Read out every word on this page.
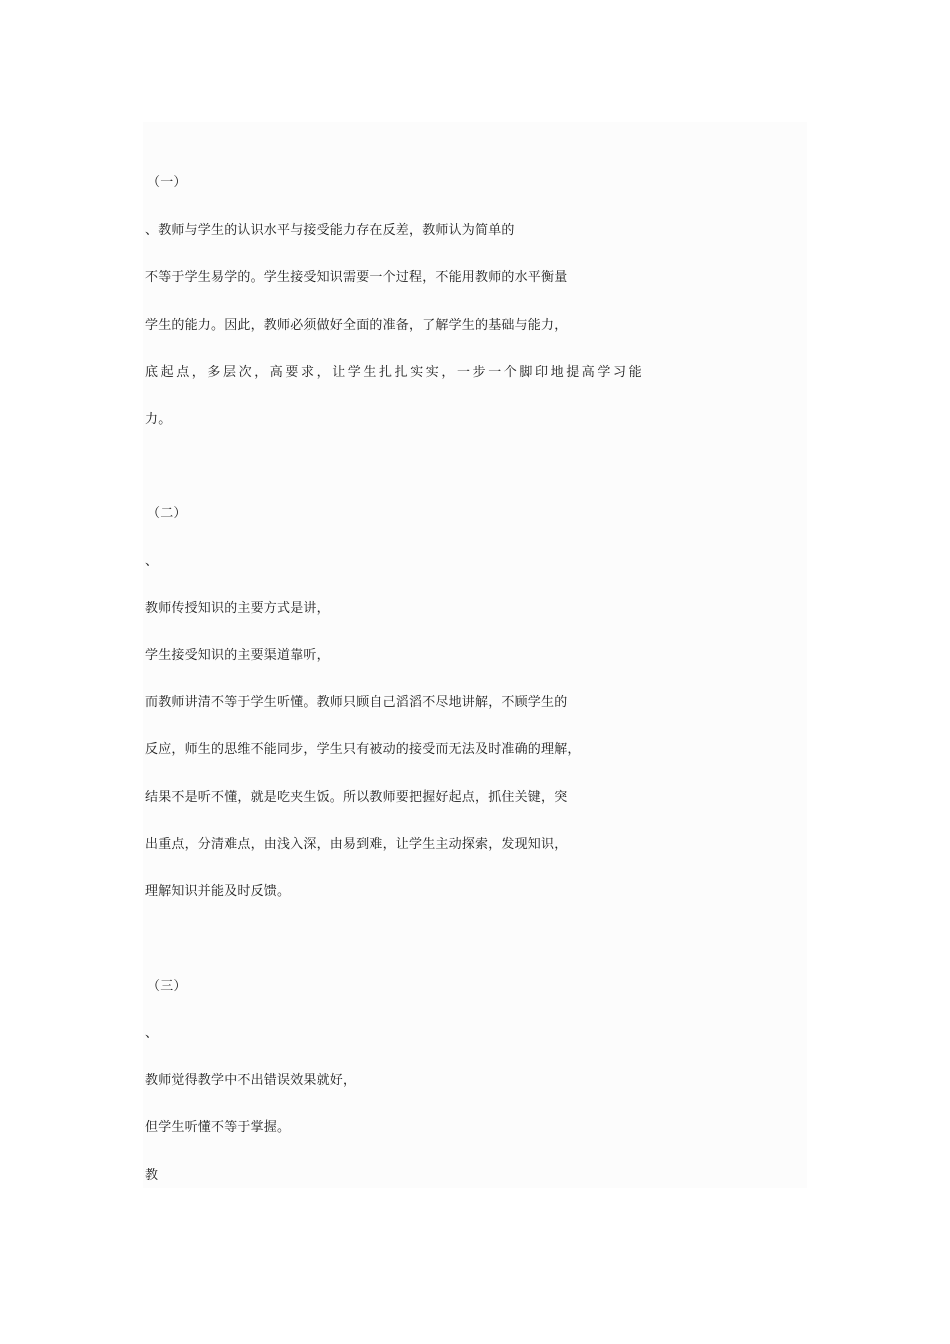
（一）
、教师与学生的认识水平与接受能力存在反差，教师认为简单的
不等于学生易学的。学生接受知识需要一个过程，不能用教师的水平衡量
学生的能力。因此，教师必须做好全面的准备，了解学生的基础与能力，
底起点，多层次，高要求，让学生扎扎实实，一步一个脚印地提高学习能
力。
（二）
、
教师传授知识的主要方式是讲，
学生接受知识的主要渠道靠听，
而教师讲清不等于学生听懂。教师只顾自己滔滔不尽地讲解，不顾学生的
反应，师生的思维不能同步，学生只有被动的接受而无法及时准确的理解，
结果不是听不懂，就是吃夹生饭。所以教师要把握好起点，抓住关键，突
出重点，分清难点，由浅入深，由易到难，让学生主动探索，发现知识，
理解知识并能及时反馈。
（三）
、
教师觉得教学中不出错误效果就好，
但学生听懂不等于掌握。
教
